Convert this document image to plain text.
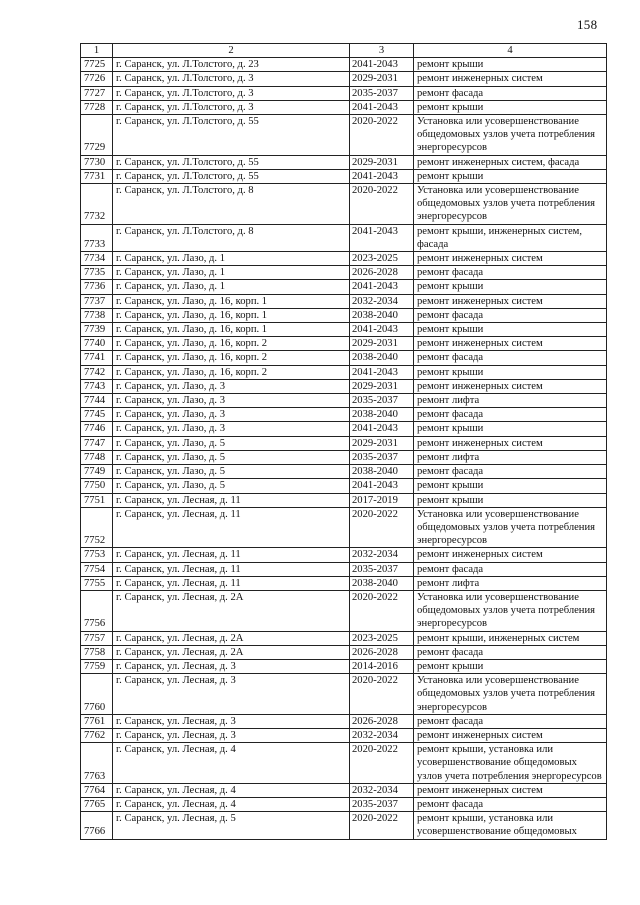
158
1	2	3	4
7725	г. Саранск, ул. Л.Толстого, д. 23	2041-2043	ремонт крыши
7726	г. Саранск, ул. Л.Толстого, д. 3	2029-2031	ремонт инженерных систем
7727	г. Саранск, ул. Л.Толстого, д. 3	2035-2037	ремонт фасада
7728	г. Саранск, ул. Л.Толстого, д. 3	2041-2043	ремонт крыши
7729	г. Саранск, ул. Л.Толстого, д. 55	2020-2022	Установка или усовершенствование общедомовых узлов учета потребления энергоресурсов
7730	г. Саранск, ул. Л.Толстого, д. 55	2029-2031	ремонт инженерных систем, фасада
7731	г. Саранск, ул. Л.Толстого, д. 55	2041-2043	ремонт крыши
7732	г. Саранск, ул. Л.Толстого, д. 8	2020-2022	Установка или усовершенствование общедомовых узлов учета потребления энергоресурсов
7733	г. Саранск, ул. Л.Толстого, д. 8	2041-2043	ремонт крыши, инженерных систем, фасада
7734	г. Саранск, ул. Лазо, д. 1	2023-2025	ремонт инженерных систем
7735	г. Саранск, ул. Лазо, д. 1	2026-2028	ремонт фасада
7736	г. Саранск, ул. Лазо, д. 1	2041-2043	ремонт крыши
7737	г. Саранск, ул. Лазо, д. 16, корп. 1	2032-2034	ремонт инженерных систем
7738	г. Саранск, ул. Лазо, д. 16, корп. 1	2038-2040	ремонт фасада
7739	г. Саранск, ул. Лазо, д. 16, корп. 1	2041-2043	ремонт крыши
7740	г. Саранск, ул. Лазо, д. 16, корп. 2	2029-2031	ремонт инженерных систем
7741	г. Саранск, ул. Лазо, д. 16, корп. 2	2038-2040	ремонт фасада
7742	г. Саранск, ул. Лазо, д. 16, корп. 2	2041-2043	ремонт крыши
7743	г. Саранск, ул. Лазо, д. 3	2029-2031	ремонт инженерных систем
7744	г. Саранск, ул. Лазо, д. 3	2035-2037	ремонт лифта
7745	г. Саранск, ул. Лазо, д. 3	2038-2040	ремонт фасада
7746	г. Саранск, ул. Лазо, д. 3	2041-2043	ремонт крыши
7747	г. Саранск, ул. Лазо, д. 5	2029-2031	ремонт инженерных систем
7748	г. Саранск, ул. Лазо, д. 5	2035-2037	ремонт лифта
7749	г. Саранск, ул. Лазо, д. 5	2038-2040	ремонт фасада
7750	г. Саранск, ул. Лазо, д. 5	2041-2043	ремонт крыши
7751	г. Саранск, ул. Лесная, д. 11	2017-2019	ремонт крыши
7752	г. Саранск, ул. Лесная, д. 11	2020-2022	Установка или усовершенствование общедомовых узлов учета потребления энергоресурсов
7753	г. Саранск, ул. Лесная, д. 11	2032-2034	ремонт инженерных систем
7754	г. Саранск, ул. Лесная, д. 11	2035-2037	ремонт фасада
7755	г. Саранск, ул. Лесная, д. 11	2038-2040	ремонт лифта
7756	г. Саранск, ул. Лесная, д. 2А	2020-2022	Установка или усовершенствование общедомовых узлов учета потребления энергоресурсов
7757	г. Саранск, ул. Лесная, д. 2А	2023-2025	ремонт крыши, инженерных систем
7758	г. Саранск, ул. Лесная, д. 2А	2026-2028	ремонт фасада
7759	г. Саранск, ул. Лесная, д. 3	2014-2016	ремонт крыши
7760	г. Саранск, ул. Лесная, д. 3	2020-2022	Установка или усовершенствование общедомовых узлов учета потребления энергоресурсов
7761	г. Саранск, ул. Лесная, д. 3	2026-2028	ремонт фасада
7762	г. Саранск, ул. Лесная, д. 3	2032-2034	ремонт инженерных систем
7763	г. Саранск, ул. Лесная, д. 4	2020-2022	ремонт крыши, установка или усовершенствование общедомовых узлов учета потребления энергоресурсов
7764	г. Саранск, ул. Лесная, д. 4	2032-2034	ремонт инженерных систем
7765	г. Саранск, ул. Лесная, д. 4	2035-2037	ремонт фасада
7766	г. Саранск, ул. Лесная, д. 5	2020-2022	ремонт крыши, установка или усовершенствование общедомовых
